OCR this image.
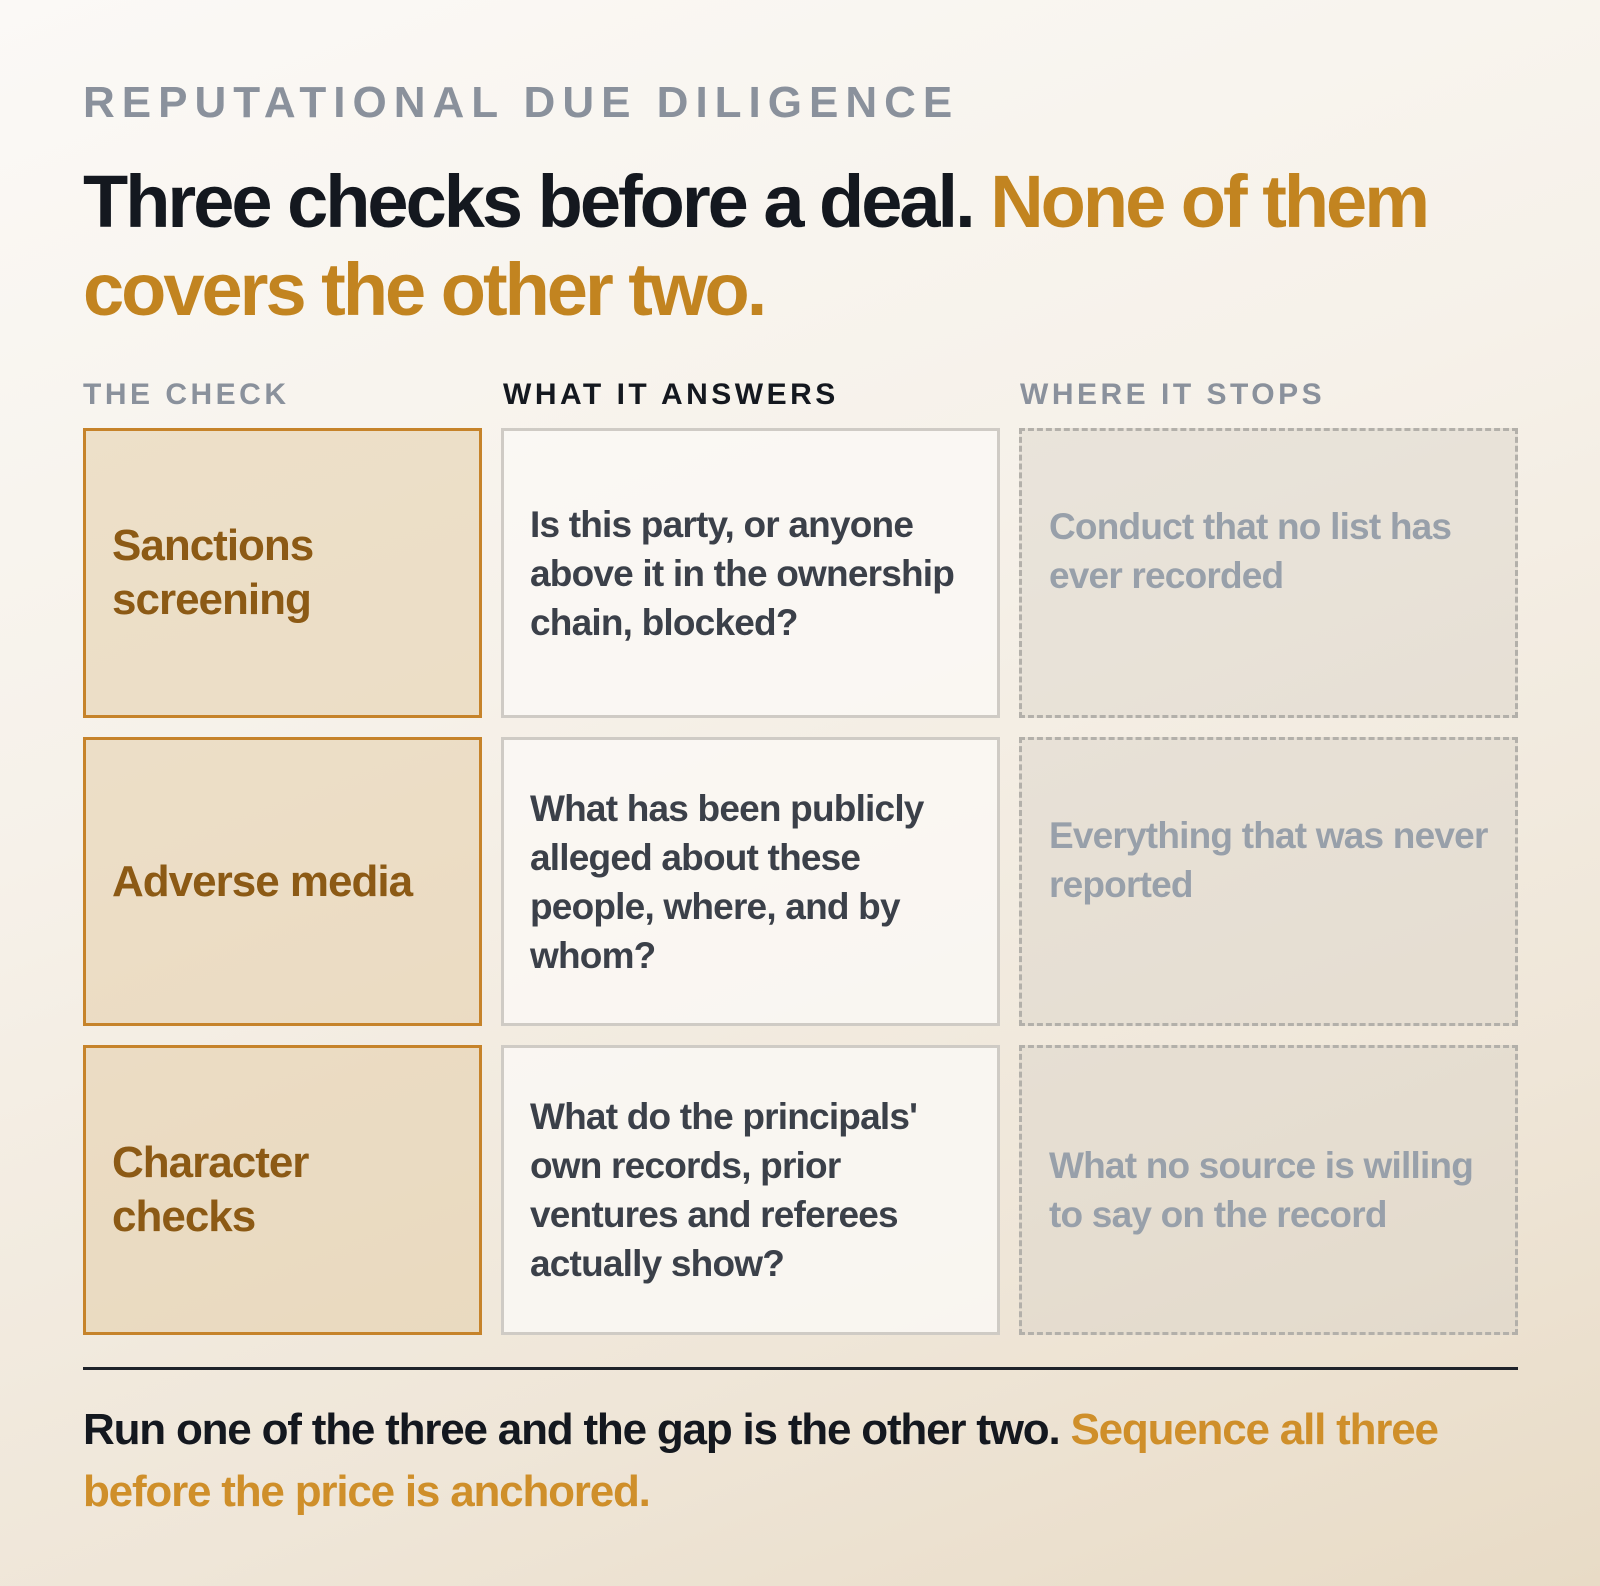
REPUTATIONAL DUE DILIGENCE
Three checks before a deal. None of them covers the other two.
THE CHECK	WHAT IT ANSWERS	WHERE IT STOPS
Sanctions screening
Is this party, or anyone above it in the ownership chain, blocked?
Conduct that no list has ever recorded
Adverse media
What has been publicly alleged about these people, where, and by whom?
Everything that was never reported
Character checks
What do the principals' own records, prior ventures and referees actually show?
What no source is willing to say on the record

Run one of the three and the gap is the other two. Sequence all three before the price is anchored.
